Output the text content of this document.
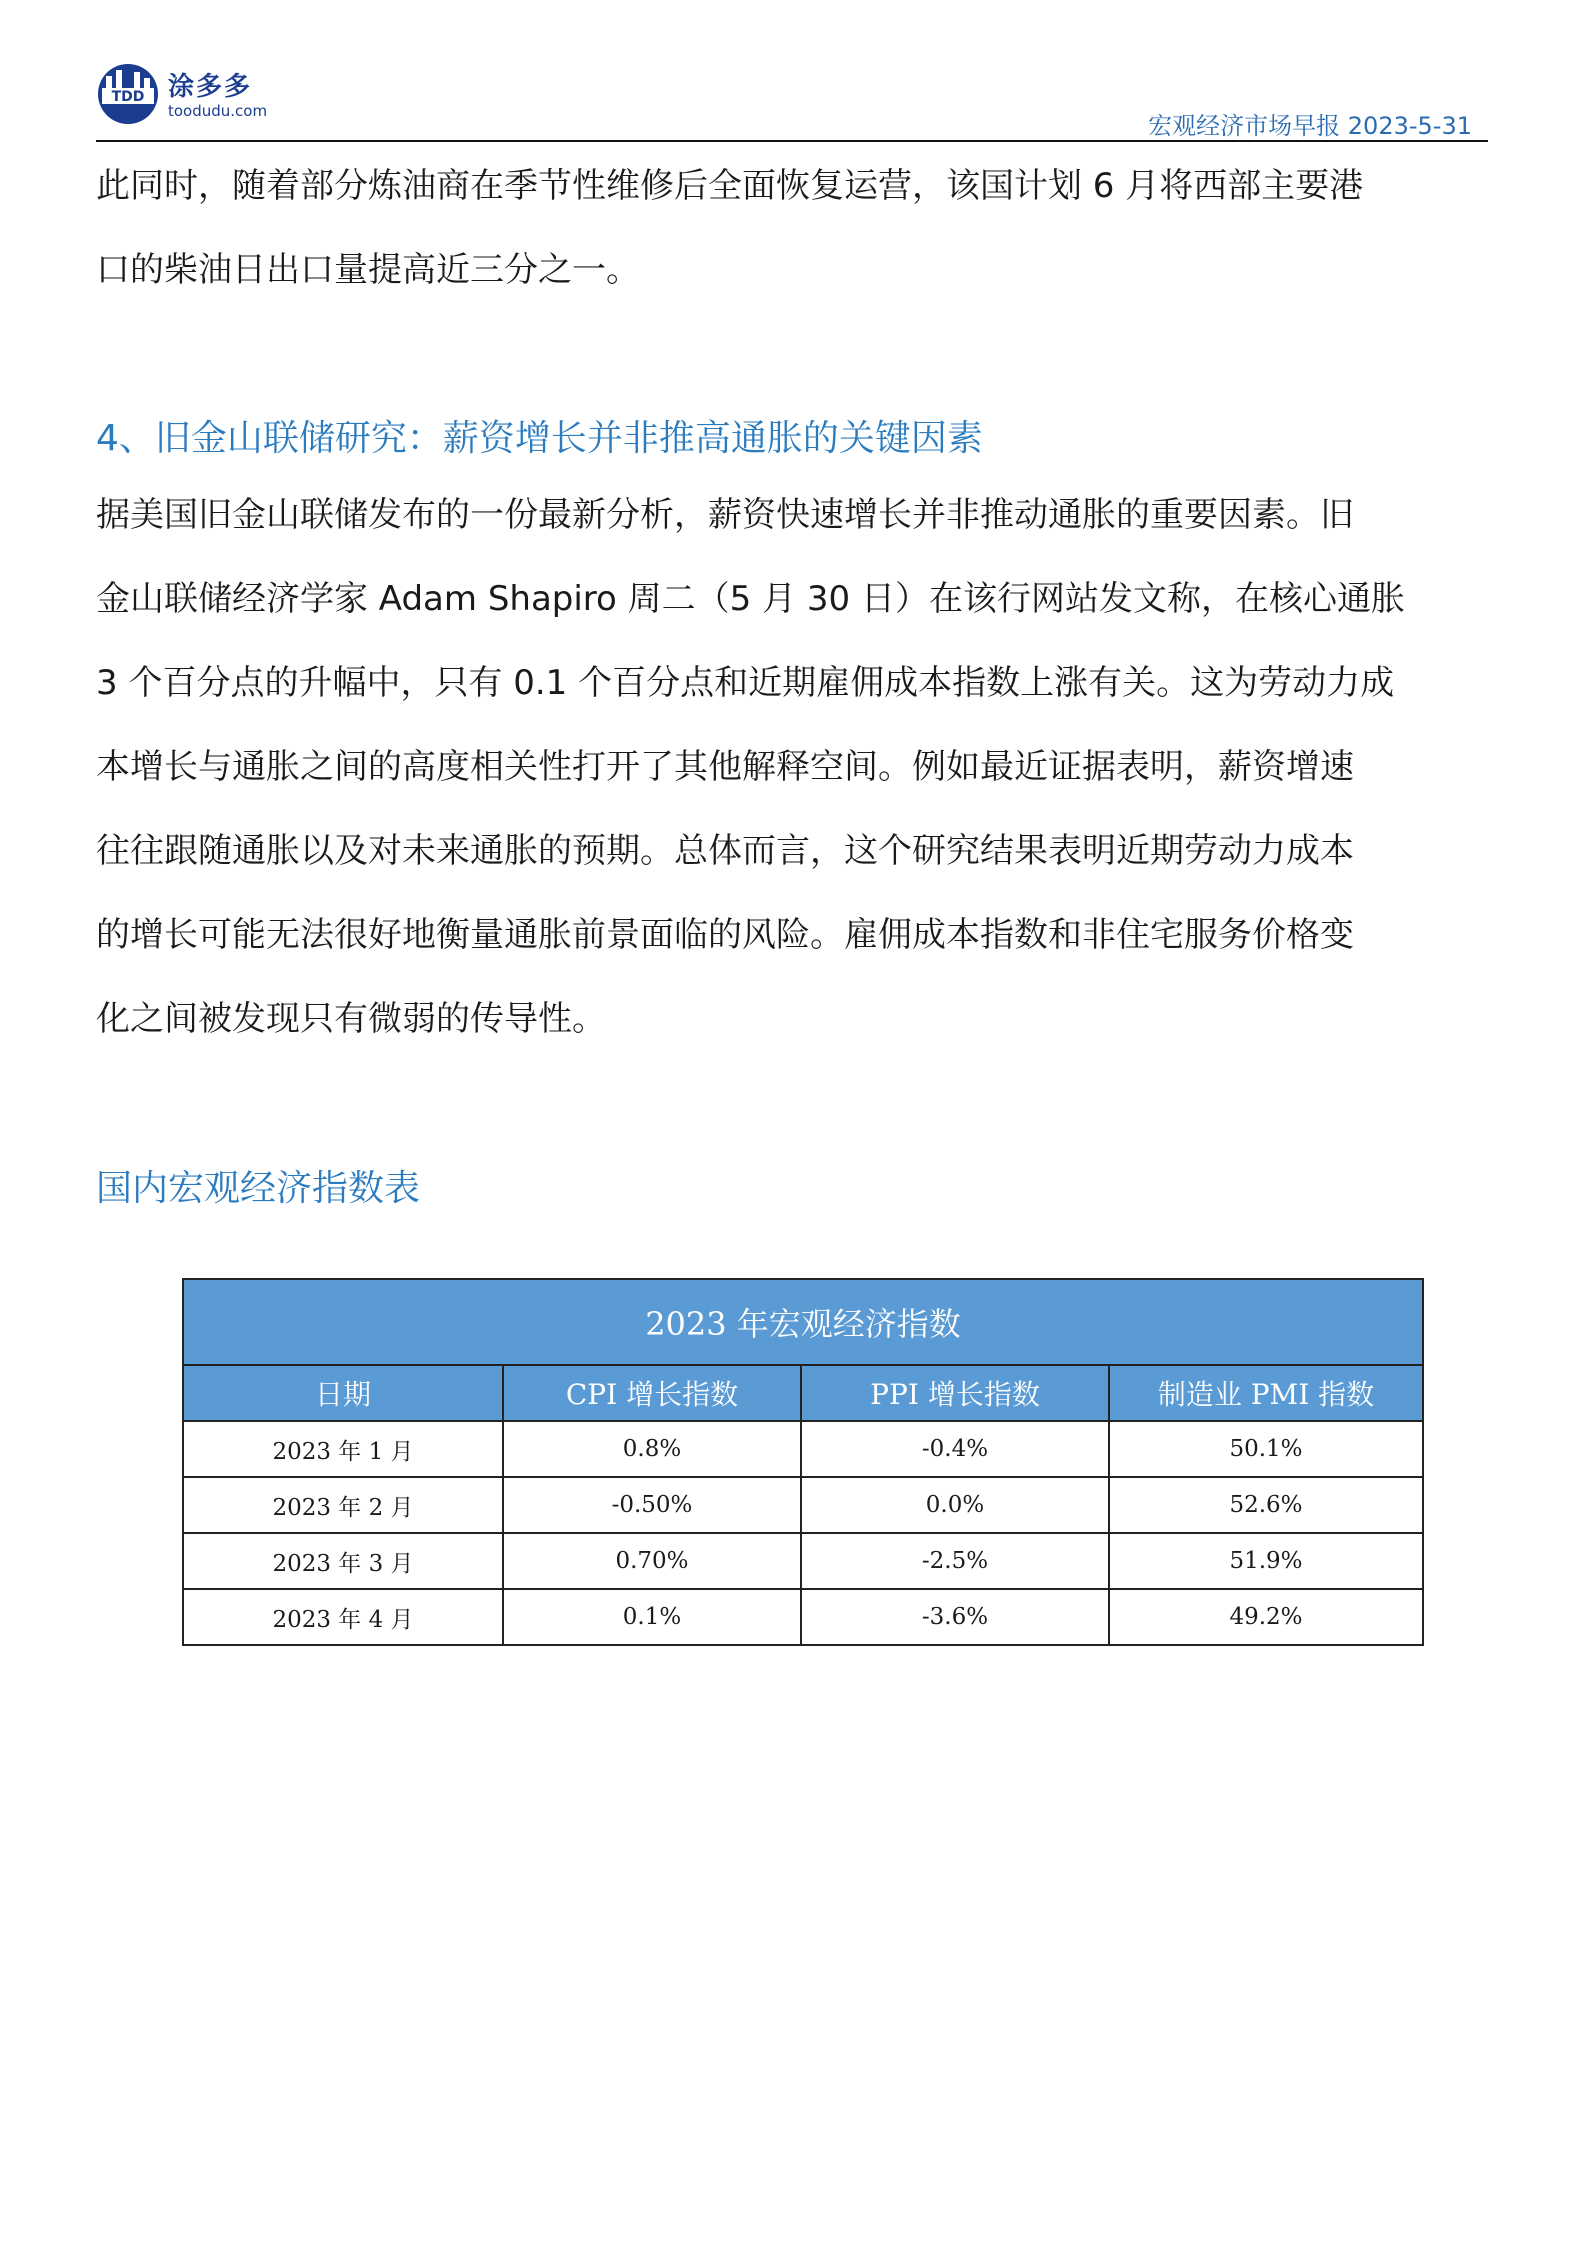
TDD 涂多多
toodudu.com
宏观经济市场早报 2023-5-31

此同时，随着部分炼油商在季节性维修后全面恢复运营，该国计划 6 月将西部主要港

口的柴油日出口量提高近三分之一。

4、旧金山联储研究：薪资增长并非推高通胀的关键因素

据美国旧金山联储发布的一份最新分析，薪资快速增长并非推动通胀的重要因素。旧

金山联储经济学家 Adam Shapiro 周二（5 月 30 日）在该行网站发文称，在核心通胀

3 个百分点的升幅中，只有 0.1 个百分点和近期雇佣成本指数上涨有关。这为劳动力成

本增长与通胀之间的高度相关性打开了其他解释空间。例如最近证据表明，薪资增速

往往跟随通胀以及对未来通胀的预期。总体而言，这个研究结果表明近期劳动力成本

的增长可能无法很好地衡量通胀前景面临的风险。雇佣成本指数和非住宅服务价格变

化之间被发现只有微弱的传导性。

国内宏观经济指数表
2023 年宏观经济指数			
日期	CPI 增长指数	PPI 增长指数	制造业 PMI 指数
2023 年 1 月	0.8%	-0.4%	50.1%
2023 年 2 月	-0.50%	0.0%	52.6%
2023 年 3 月	0.70%	-2.5%	51.9%
2023 年 4 月	0.1%	-3.6%	49.2%
